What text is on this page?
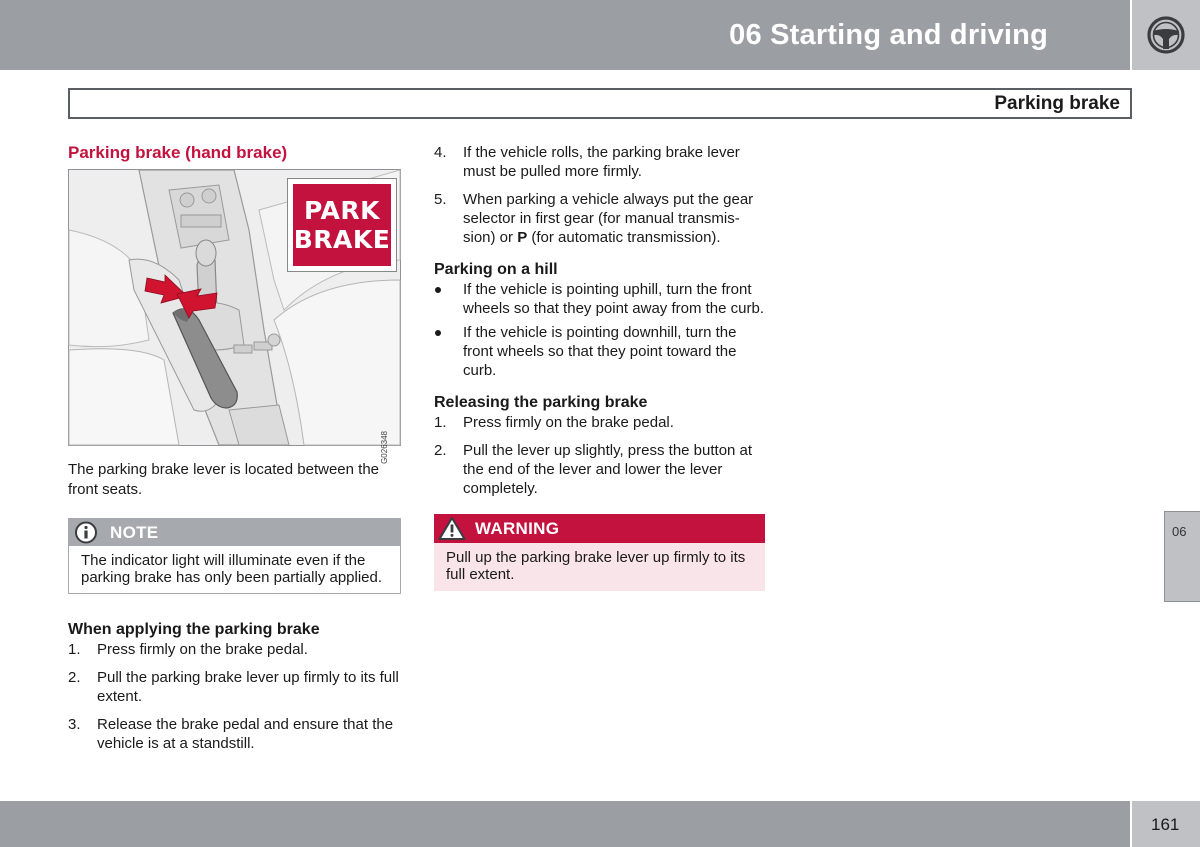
06 Starting and driving
Parking brake
Parking brake (hand brake)
PARK
BRAKE
G026348

The parking brake lever is located between the front seats.

NOTE
The indicator light will illuminate even if the parking brake has only been partially applied.
When applying the parking brake
1. Press firmly on the brake pedal.
2. Pull the parking brake lever up firmly to its full extent.
3. Release the brake pedal and ensure that the vehicle is at a standstill.
4. If the vehicle rolls, the parking brake lever must be pulled more firmly.
5. When parking a vehicle always put the gear selector in first gear (for manual transmis-sion) or P (for automatic transmission).
Parking on a hill
If the vehicle is pointing uphill, turn the front wheels so that they point away from the curb.
If the vehicle is pointing downhill, turn the front wheels so that they point toward the curb.
Releasing the parking brake
1. Press firmly on the brake pedal.
2. Pull the lever up slightly, press the button at the end of the lever and lower the lever completely.
WARNING
Pull up the parking brake lever up firmly to its full extent.
06
161
